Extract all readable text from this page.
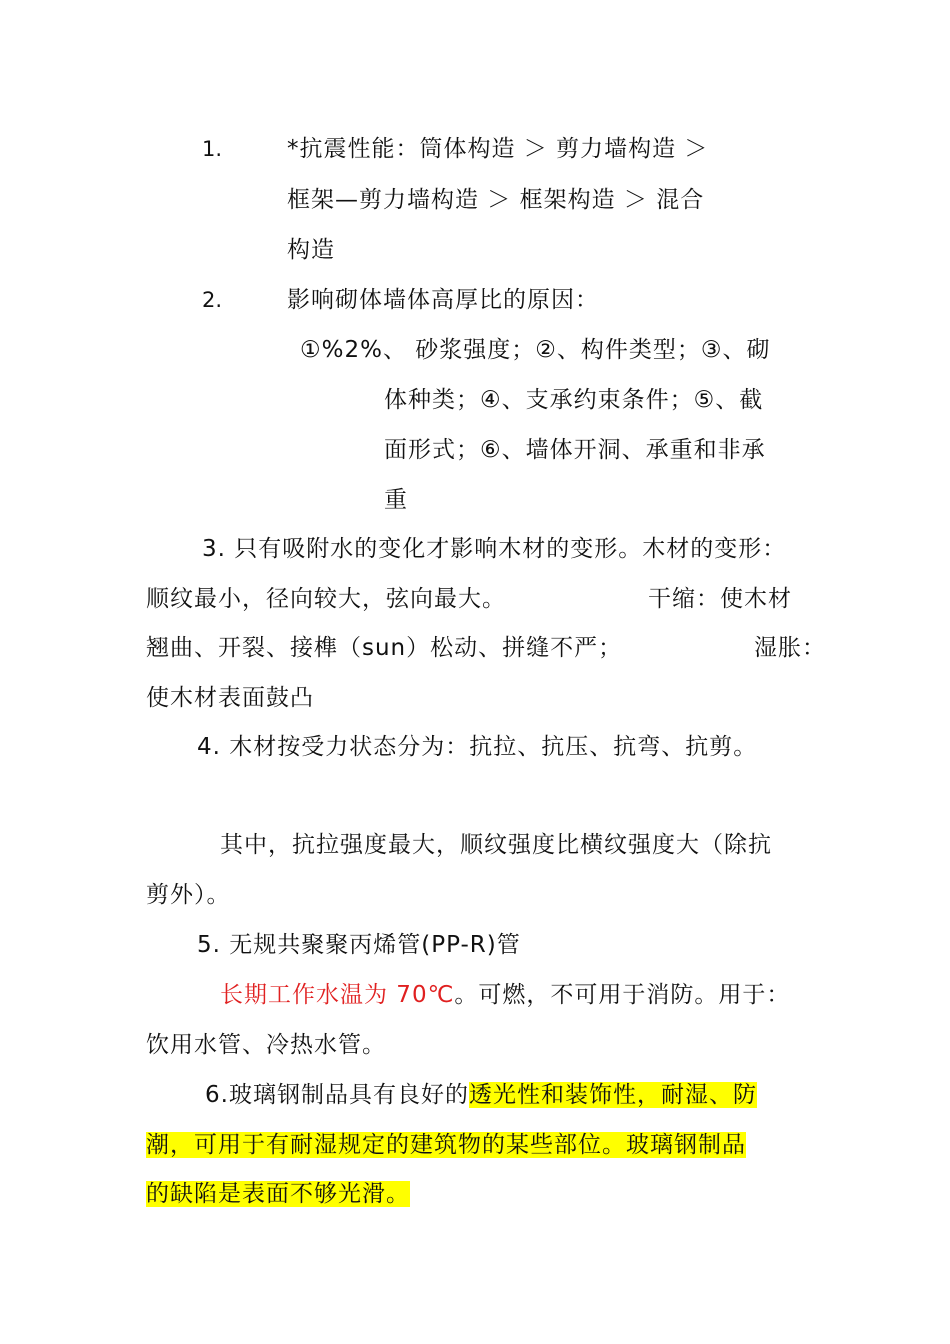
1.	*抗震性能：筒体构造 ＞ 剪力墙构造 ＞
框架—剪力墙构造 ＞ 框架构造 ＞ 混合
构造
2.	影响砌体墙体高厚比的原因：
①%2%、 砂浆强度；②、构件类型；③、砌
体种类；④、支承约束条件；⑤、截
面形式；⑥、墙体开洞、承重和非承
重
3. 只有吸附水的变化才影响木材的变形。木材的变形：
顺纹最小，径向较大，弦向最大。	干缩：使木材
翘曲、开裂、接榫（sun）松动、拼缝不严；	湿胀：
使木材表面鼓凸
4. 木材按受力状态分为：抗拉、抗压、抗弯、抗剪。
其中，抗拉强度最大，顺纹强度比横纹强度大（除抗
剪外）。
5. 无规共聚聚丙烯管(PP-R)管
长期工作水温为 70℃。可燃，不可用于消防。用于：
饮用水管、冷热水管。
6.玻璃钢制品具有良好的透光性和装饰性，耐湿、防
潮，可用于有耐湿规定的建筑物的某些部位。玻璃钢制品
的缺陷是表面不够光滑。
